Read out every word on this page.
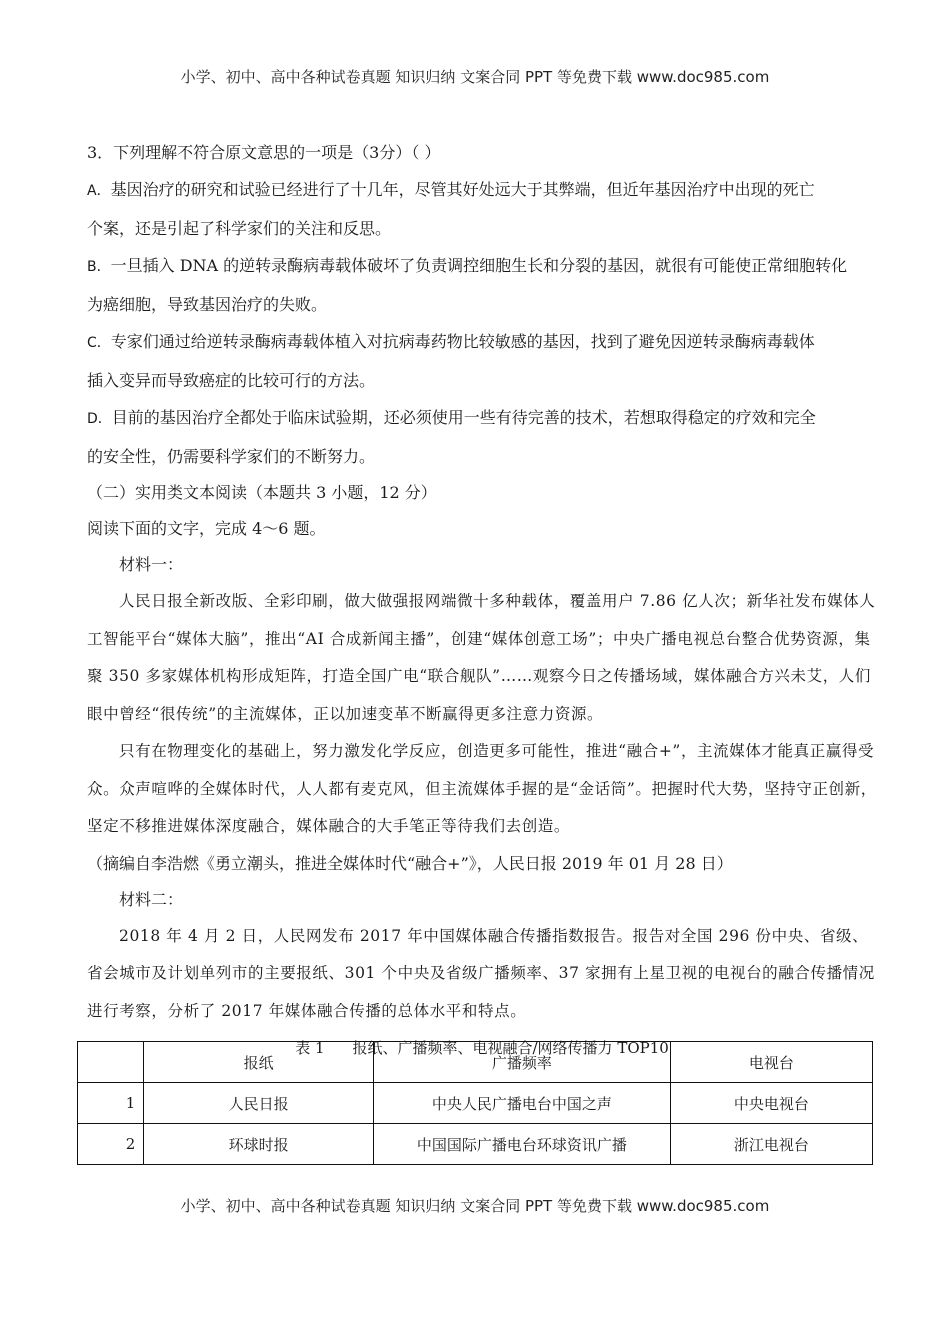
小学、初中、高中各种试卷真题 知识归纳 文案合同 PPT 等免费下载 www.doc985.com
3．下列理解不符合原文意思的一项是（3分）（ ）
A．基因治疗的研究和试验已经进行了十几年，尽管其好处远大于其弊端，但近年基因治疗中出现的死亡
个案，还是引起了科学家们的关注和反思。
B．一旦插入 DNA 的逆转录酶病毒载体破坏了负责调控细胞生长和分裂的基因，就很有可能使正常细胞转化
为癌细胞，导致基因治疗的失败。
C．专家们通过给逆转录酶病毒载体植入对抗病毒药物比较敏感的基因，找到了避免因逆转录酶病毒载体
插入变异而导致癌症的比较可行的方法。
D．目前的基因治疗全都处于临床试验期，还必须使用一些有待完善的技术，若想取得稳定的疗效和完全
的安全性，仍需要科学家们的不断努力。
（二）实用类文本阅读（本题共 3 小题，12 分）
阅读下面的文字，完成 4～6 题。
材料一：
人民日报全新改版、全彩印刷，做大做强报网端微十多种载体，覆盖用户 7.86 亿人次；新华社发布媒体人工智能平台“媒体大脑”，推出“AI 合成新闻主播”，创建“媒体创意工场”；中央广播电视总台整合优势资源，集聚 350 多家媒体机构形成矩阵，打造全国广电“联合舰队”……观察今日之传播场域，媒体融合方兴未艾，人们眼中曾经“很传统”的主流媒体，正以加速变革不断赢得更多注意力资源。
只有在物理变化的基础上，努力激发化学反应，创造更多可能性，推进“融合+”，主流媒体才能真正赢得受众。众声喧哗的全媒体时代，人人都有麦克风，但主流媒体手握的是“金话筒”。把握时代大势，坚持守正创新，坚定不移推进媒体深度融合，媒体融合的大手笔正等待我们去创造。
（摘编自李浩燃《勇立潮头，推进全媒体时代“融合+”》，人民日报 2019 年 01 月 28 日）
材料二：
2018 年 4 月 2 日，人民网发布 2017 年中国媒体融合传播指数报告。报告对全国 296 份中央、省级、省会城市及计划单列市的主要报纸、301 个中央及省级广播频率、37 家拥有上星卫视的电视台的融合传播情况进行考察，分析了 2017 年媒体融合传播的总体水平和特点。
表 1 报纸、广播频率、电视融合/网络传播力 TOP10
	报纸	广播频率	电视台
1	人民日报	中央人民广播电台中国之声	中央电视台
2	环球时报	中国国际广播电台环球资讯广播	浙江电视台
小学、初中、高中各种试卷真题 知识归纳 文案合同 PPT 等免费下载 www.doc985.com
